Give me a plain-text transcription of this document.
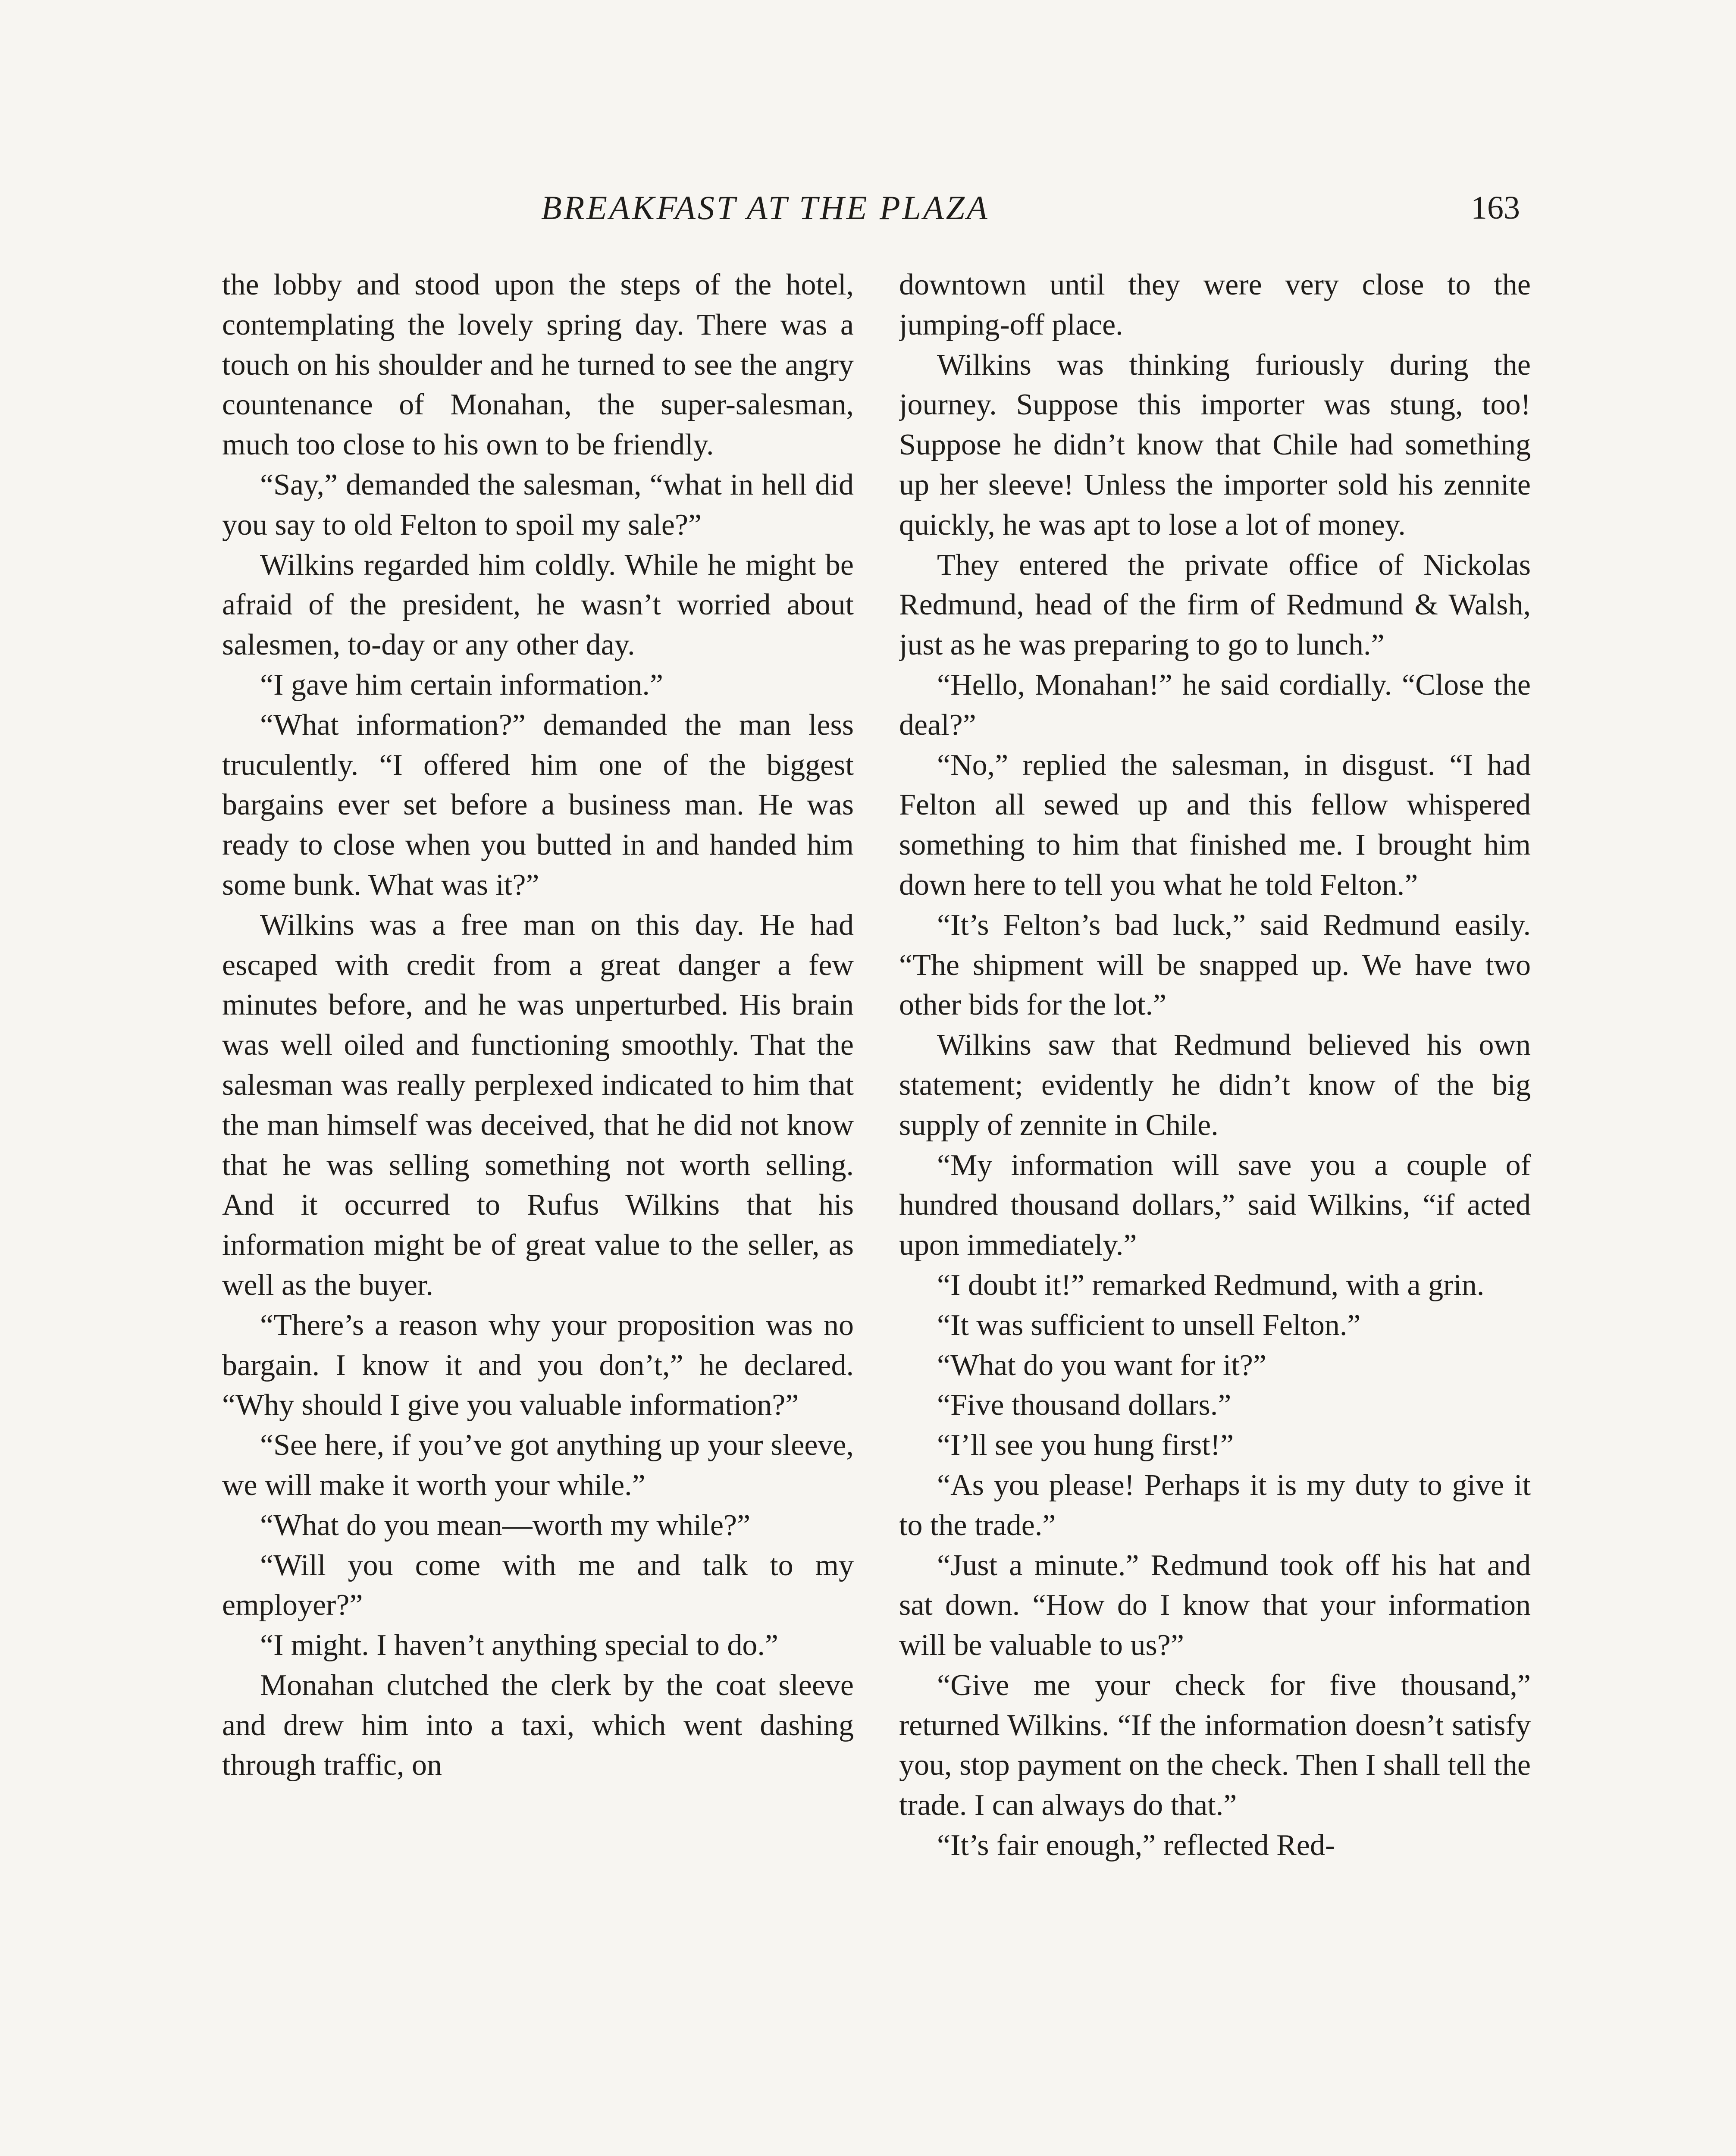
BREAKFAST AT THE PLAZA	163

the lobby and stood upon the steps of the hotel, contemplating the lovely spring day. There was a touch on his shoulder and he turned to see the angry countenance of Monahan, the super-salesman, much too close to his own to be friendly.

“Say,” demanded the salesman, “what in hell did you say to old Felton to spoil my sale?”

Wilkins regarded him coldly. While he might be afraid of the president, he wasn’t worried about salesmen, to-day or any other day.

“I gave him certain information.”

“What information?” demanded the man less truculently. “I offered him one of the biggest bargains ever set before a business man. He was ready to close when you butted in and handed him some bunk. What was it?”

Wilkins was a free man on this day. He had escaped with credit from a great danger a few minutes before, and he was unperturbed. His brain was well oiled and functioning smoothly. That the salesman was really perplexed indicated to him that the man himself was deceived, that he did not know that he was selling something not worth selling. And it occurred to Rufus Wilkins that his information might be of great value to the seller, as well as the buyer.

“There’s a reason why your proposition was no bargain. I know it and you don’t,” he declared. “Why should I give you valuable information?”

“See here, if you’ve got anything up your sleeve, we will make it worth your while.”

“What do you mean—worth my while?”

“Will you come with me and talk to my employer?”

“I might. I haven’t anything special to do.”

Monahan clutched the clerk by the coat sleeve and drew him into a taxi, which went dashing through traffic, on

downtown until they were very close to the jumping-off place.

Wilkins was thinking furiously during the journey. Suppose this importer was stung, too! Suppose he didn’t know that Chile had something up her sleeve! Unless the importer sold his zennite quickly, he was apt to lose a lot of money.

They entered the private office of Nickolas Redmund, head of the firm of Redmund & Walsh, just as he was preparing to go to lunch.”

“Hello, Monahan!” he said cordially. “Close the deal?”

“No,” replied the salesman, in disgust. “I had Felton all sewed up and this fellow whispered something to him that finished me. I brought him down here to tell you what he told Felton.”

“It’s Felton’s bad luck,” said Redmund easily. “The shipment will be snapped up. We have two other bids for the lot.”

Wilkins saw that Redmund believed his own statement; evidently he didn’t know of the big supply of zennite in Chile.

“My information will save you a couple of hundred thousand dollars,” said Wilkins, “if acted upon immediately.”

“I doubt it!” remarked Redmund, with a grin.

“It was sufficient to unsell Felton.”

“What do you want for it?”

“Five thousand dollars.”

“I’ll see you hung first!”

“As you please! Perhaps it is my duty to give it to the trade.”

“Just a minute.” Redmund took off his hat and sat down. “How do I know that your information will be valuable to us?”

“Give me your check for five thousand,” returned Wilkins. “If the information doesn’t satisfy you, stop payment on the check. Then I shall tell the trade. I can always do that.”

“It’s fair enough,” reflected Red-
